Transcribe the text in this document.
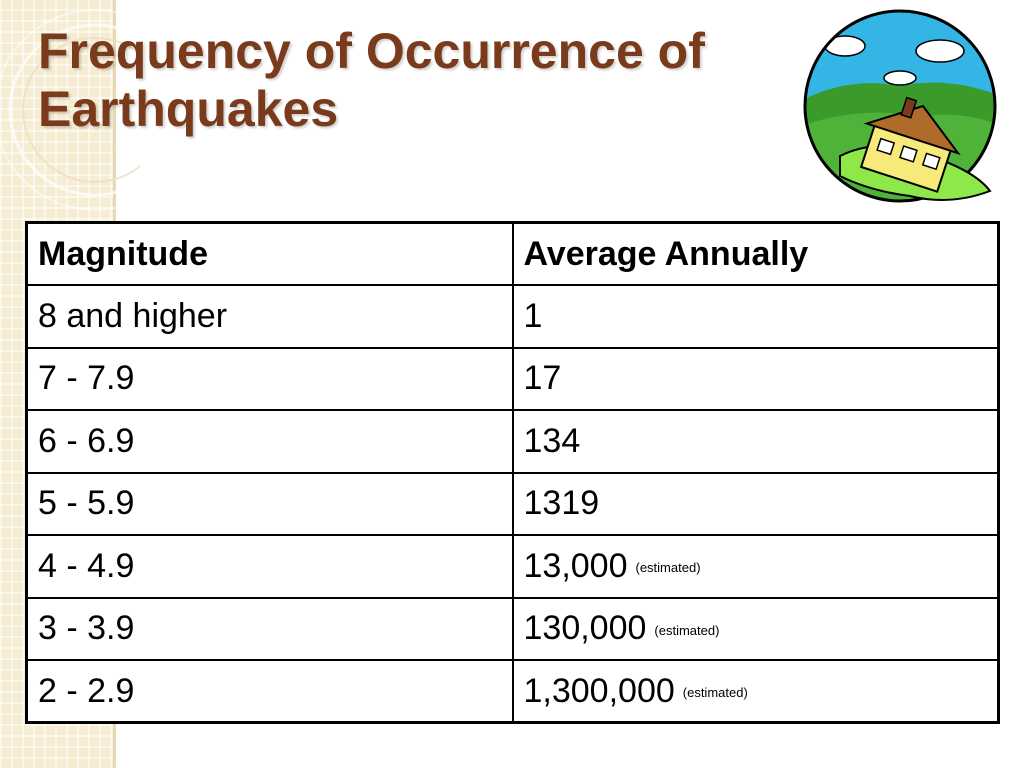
Frequency of Occurrence of Earthquakes
Magnitude	Average Annually
8 and higher	1
7 - 7.9	17
6 - 6.9	134
5 - 5.9	1319
4 - 4.9	13,000 (estimated)
3 - 3.9	130,000 (estimated)
2 - 2.9	1,300,000 (estimated)
